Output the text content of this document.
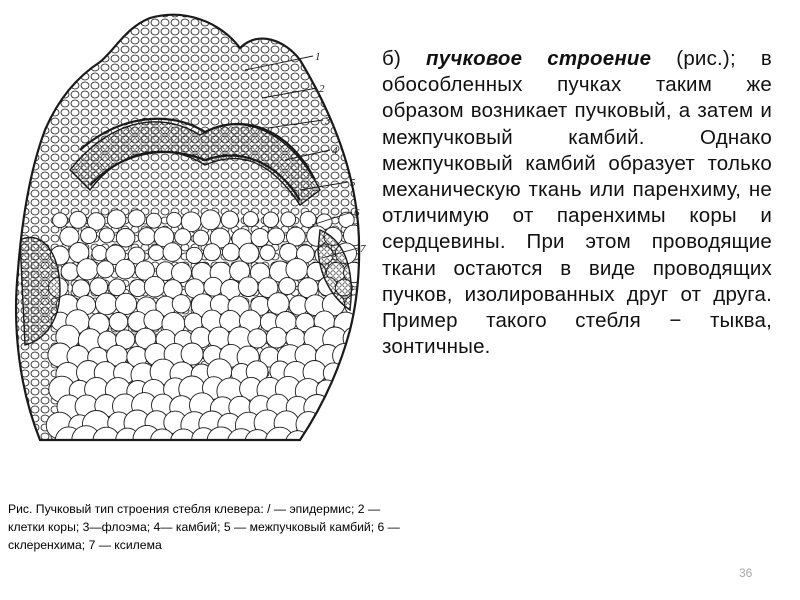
1
2
3
4
5
6
7
б) пучковое строение (рис.); в обособленных пучках таким же образом возникает пучковый, а затем и межпучковый камбий. Однако межпучковый камбий образует только механическую ткань или паренхиму, не отличимую от паренхимы коры и сердцевины. При этом проводящие ткани остаются в виде проводящих пучков, изолированных друг от друга. Пример такого стебля − тыква, зонтичные.
Рис. Пучковый тип строения стебля клевера: / — эпидермис; 2 — клетки коры; 3—флоэма; 4— камбий; 5 — межпучковый камбий; 6 — склеренхима; 7 — ксилема
36
